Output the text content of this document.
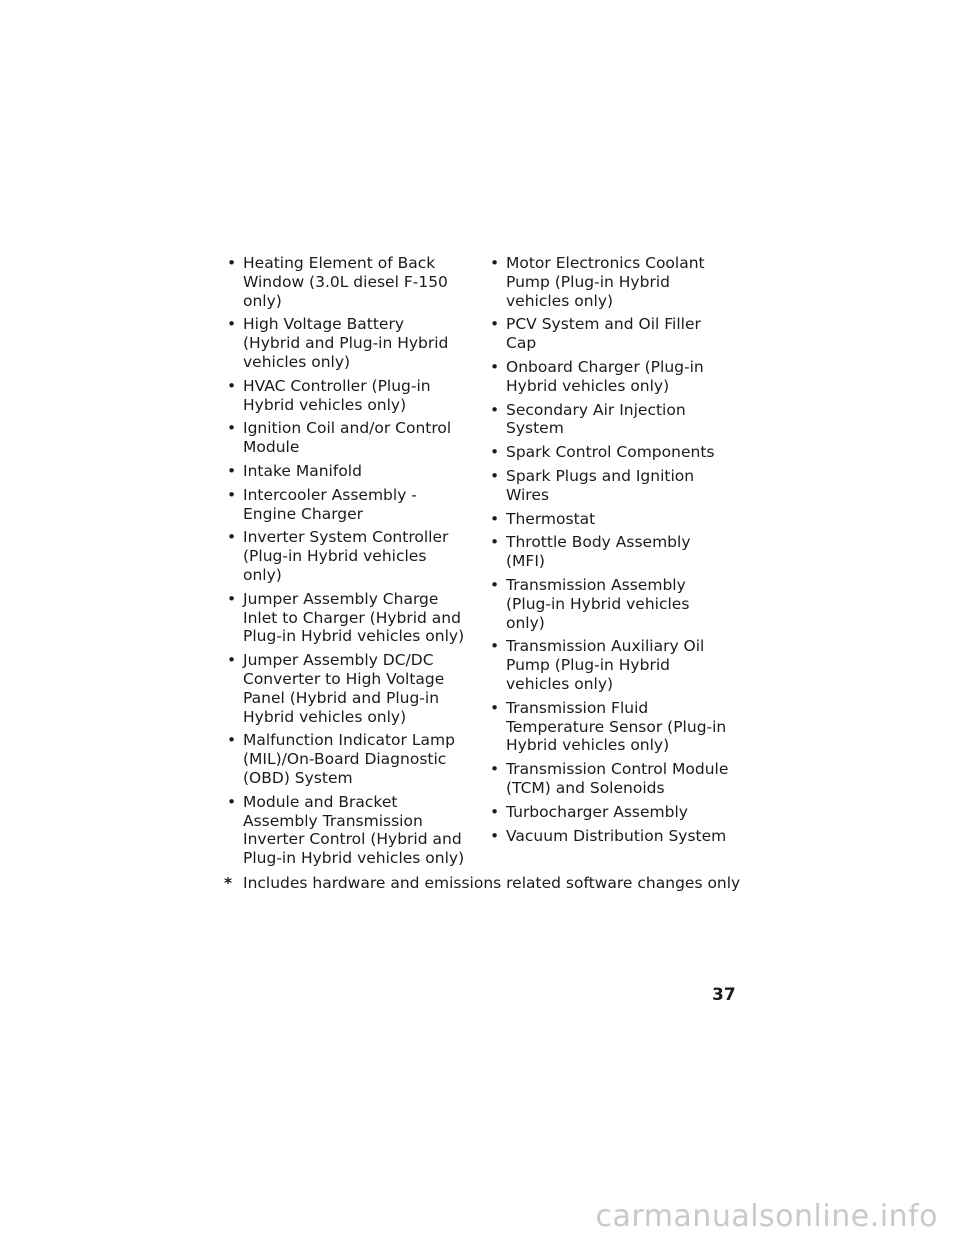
• Heating Element of Back Window (3.0L diesel F-150 only)
• High Voltage Battery (Hybrid and Plug-in Hybrid vehicles only)
• HVAC Controller (Plug-in Hybrid vehicles only)
• Ignition Coil and/or Control Module
• Intake Manifold
• Intercooler Assembly - Engine Charger
• Inverter System Controller (Plug-in Hybrid vehicles only)
• Jumper Assembly Charge Inlet to Charger (Hybrid and Plug-in Hybrid vehicles only)
• Jumper Assembly DC/DC Converter to High Voltage Panel (Hybrid and Plug-in Hybrid vehicles only)
• Malfunction Indicator Lamp (MIL)/On-Board Diagnostic (OBD) System
• Module and Bracket Assembly Transmission Inverter Control (Hybrid and Plug-in Hybrid vehicles only)
• Motor Electronics Coolant Pump (Plug-in Hybrid vehicles only)
• PCV System and Oil Filler Cap
• Onboard Charger (Plug-in Hybrid vehicles only)
• Secondary Air Injection System
• Spark Control Components
• Spark Plugs and Ignition Wires
• Thermostat
• Throttle Body Assembly (MFI)
• Transmission Assembly (Plug-in Hybrid vehicles only)
• Transmission Auxiliary Oil Pump (Plug-in Hybrid vehicles only)
• Transmission Fluid Temperature Sensor (Plug-in Hybrid vehicles only)
• Transmission Control Module (TCM) and Solenoids
• Turbocharger Assembly
• Vacuum Distribution System
* Includes hardware and emissions related software changes only
37
carmanualsonline.info
